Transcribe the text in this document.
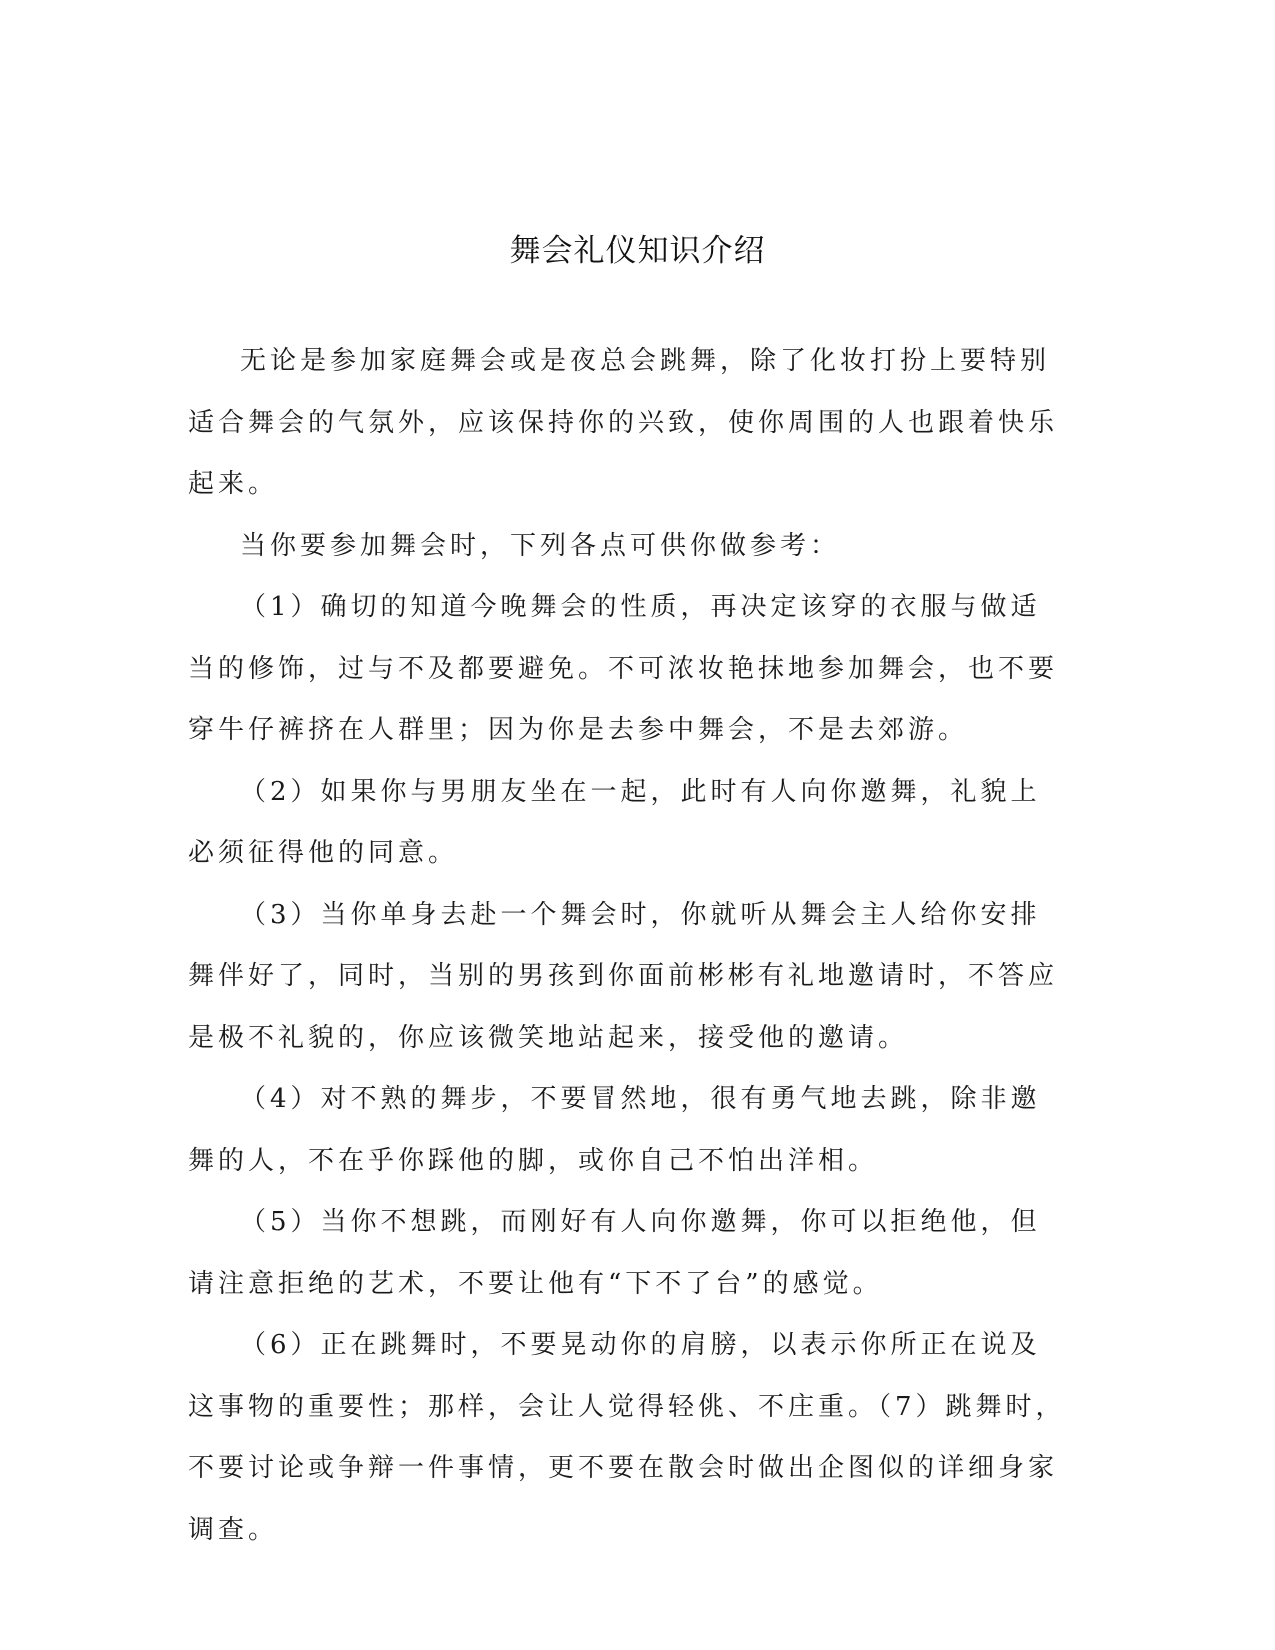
舞会礼仪知识介绍

无论是参加家庭舞会或是夜总会跳舞，除了化妆打扮上要特别适合舞会的气氛外，应该保持你的兴致，使你周围的人也跟着快乐起来。

当你要参加舞会时，下列各点可供你做参考：

（1）确切的知道今晚舞会的性质，再决定该穿的衣服与做适当的修饰，过与不及都要避免。不可浓妆艳抹地参加舞会，也不要穿牛仔裤挤在人群里；因为你是去参中舞会，不是去郊游。

（2）如果你与男朋友坐在一起，此时有人向你邀舞，礼貌上必须征得他的同意。

（3）当你单身去赴一个舞会时，你就听从舞会主人给你安排舞伴好了，同时，当别的男孩到你面前彬彬有礼地邀请时，不答应是极不礼貌的，你应该微笑地站起来，接受他的邀请。

（4）对不熟的舞步，不要冒然地，很有勇气地去跳，除非邀舞的人，不在乎你踩他的脚，或你自己不怕出洋相。

（5）当你不想跳，而刚好有人向你邀舞，你可以拒绝他，但请注意拒绝的艺术，不要让他有“下不了台”的感觉。

（6）正在跳舞时，不要晃动你的肩膀，以表示你所正在说及这事物的重要性；那样，会让人觉得轻佻、不庄重。（7）跳舞时，不要讨论或争辩一件事情，更不要在散会时做出企图似的详细身家调查。
